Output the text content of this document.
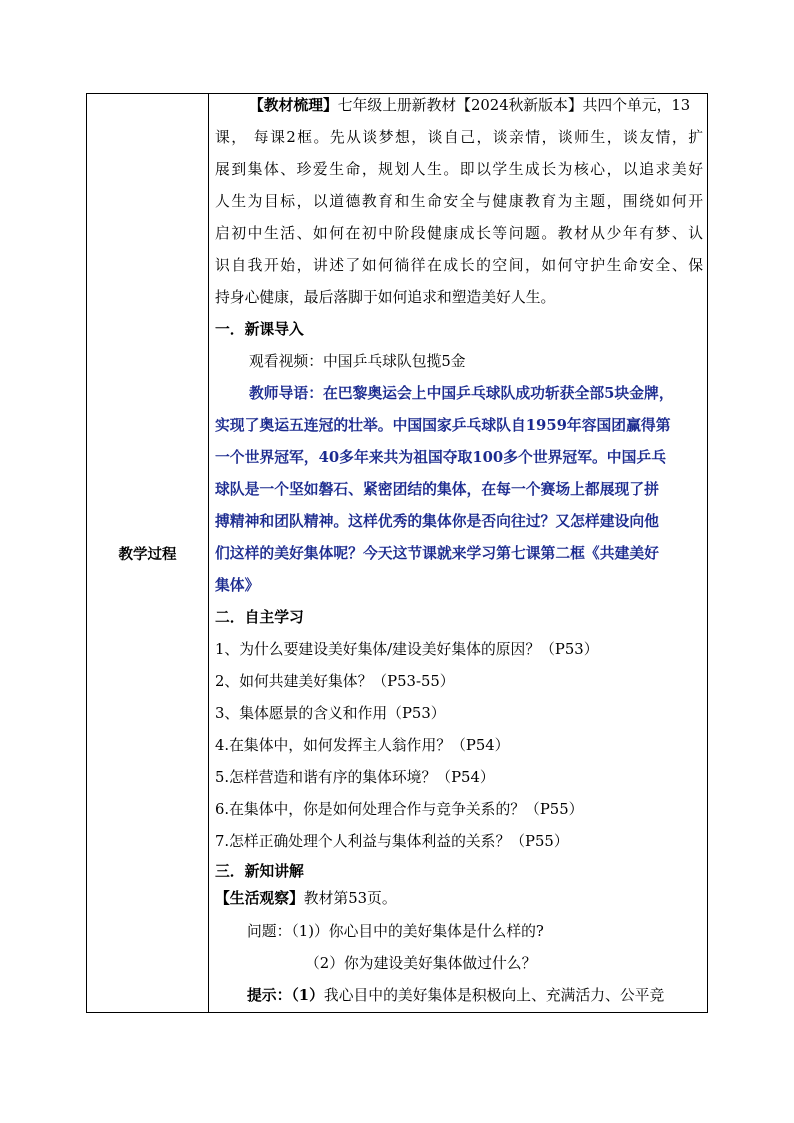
教学过程
【教材梳理】七年级上册新教材【2024秋新版本】共四个单元，13
课， 每课2框。先从谈梦想，谈自己，谈亲情，谈师生，谈友情，扩
展到集体、珍爱生命，规划人生。即以学生成长为核心，以追求美好
人生为目标，以道德教育和生命安全与健康教育为主题，围绕如何开
启初中生活、如何在初中阶段健康成长等问题。教材从少年有梦、认
识自我开始，讲述了如何徜徉在成长的空间，如何守护生命安全、保
持身心健康，最后落脚于如何追求和塑造美好人生。
一．新课导入
观看视频：中国乒乓球队包揽5金
教师导语：在巴黎奥运会上中国乒乓球队成功斩获全部5块金牌，
实现了奥运五连冠的壮举。中国国家乒乓球队自1959年容国团赢得第
一个世界冠军，40多年来共为祖国夺取100多个世界冠军。中国乒乓
球队是一个坚如磐石、紧密团结的集体，在每一个赛场上都展现了拼
搏精神和团队精神。这样优秀的集体你是否向往过？又怎样建设向他
们这样的美好集体呢？今天这节课就来学习第七课第二框《共建美好
集体》
二．自主学习
1、为什么要建设美好集体/建设美好集体的原因？（P53）
2、如何共建美好集体？（P53-55）
3、集体愿景的含义和作用（P53）
4.在集体中，如何发挥主人翁作用？（P54）
5.怎样营造和谐有序的集体环境？（P54）
6.在集体中，你是如何处理合作与竞争关系的？（P55）
7.怎样正确处理个人利益与集体利益的关系？（P55）
三．新知讲解
【生活观察】教材第53页。
问题：（1)）你心目中的美好集体是什么样的?
（2）你为建设美好集体做过什么？
提示：（1）我心目中的美好集体是积极向上、充满活力、公平竞
